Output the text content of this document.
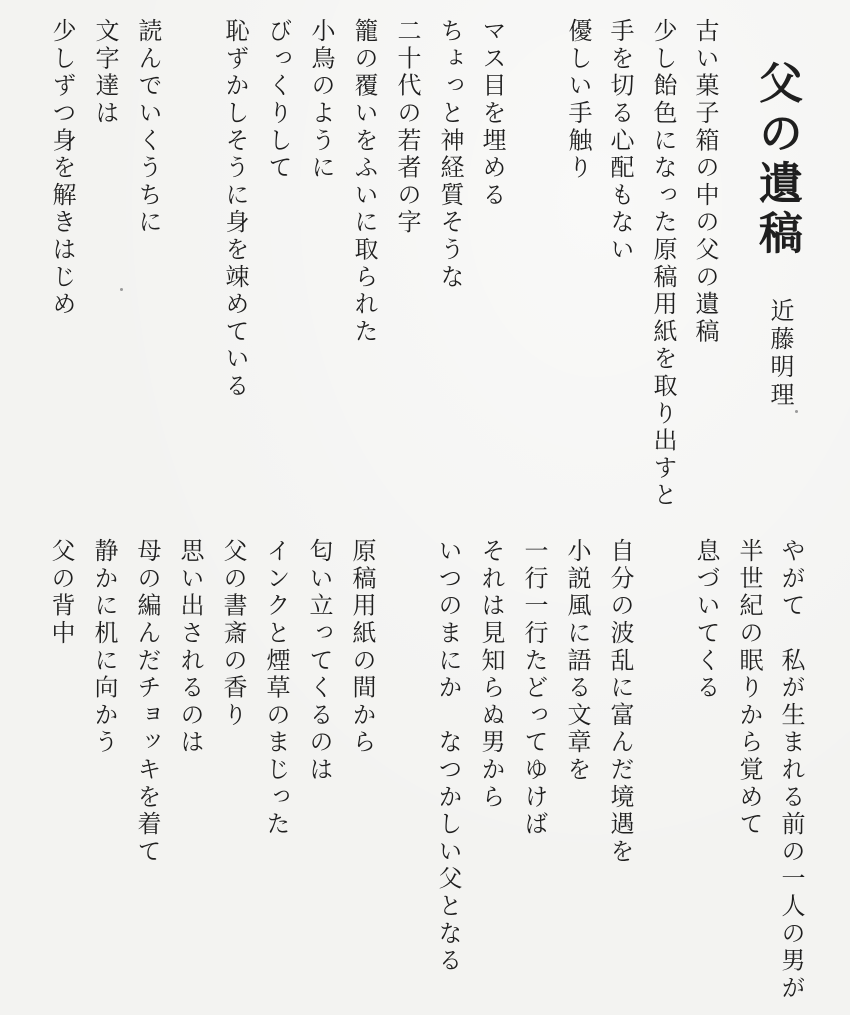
父の遺稿
近藤明理
古い菓子箱の中の父の遺稿
少し飴色になった原稿用紙を取り出すと
手を切る心配もない
優しい手触り
マス目を埋める
ちょっと神経質そうな
二十代の若者の字
籠の覆いをふいに取られた
小鳥のように
びっくりして
恥ずかしそうに身を竦めている
読んでいくうちに
文字達は
少しずつ身を解きはじめ
やがて　私が生まれる前の一人の男が
半世紀の眠りから覚めて
息づいてくる
自分の波乱に富んだ境遇を
小説風に語る文章を
一行一行たどってゆけば
それは見知らぬ男から
いつのまにか　なつかしい父となる
原稿用紙の間から
匂い立ってくるのは
インクと煙草のまじった
父の書斎の香り
思い出されるのは
母の編んだチョッキを着て
静かに机に向かう
父の背中
